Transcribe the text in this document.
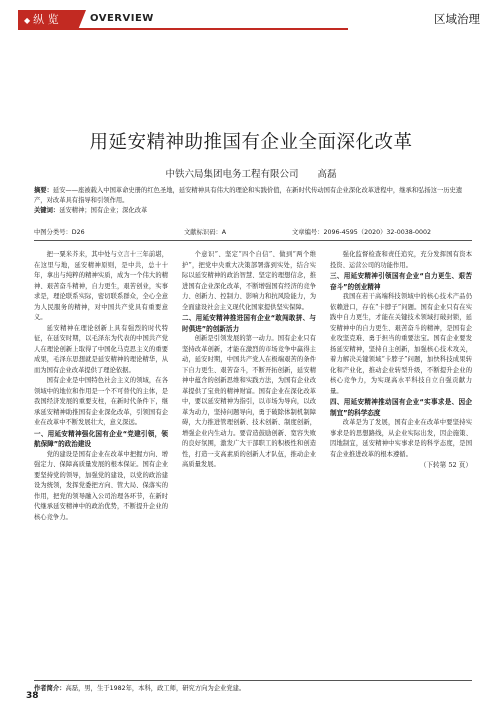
◆ 纵 览	OVERVIEW	区域治理
用延安精神助推国有企业全面深化改革
中铁六局集团电务工程有限公司 高磊
摘要：延安——座被载入中国革命史册的红色圣地，延安精神具有伟大的理论和实践价值，在新时代传动国有企业深化改革进程中，继承和弘扬这一历史遗产，对改革具有指导和引领作用。
关键词：延安精神；国有企业；深化改革
中图分类号：D26	文献标识码：A	文章编号：2096-4595（2020）32-0038-0002

把一粟米芥来，其中处与立言十三年前堪，在这里与地，延安精神原则，是中共，总十十年，拿出与纯粹的精神实质，成为一个伟大的精神、艰苦奋斗精神，自力更生，艰苦创业，实事求是，理论联系实际，密切联系群众，全心全意为人民服务的精神，对中国共产党具有重要意义。

延安精神在理论创新上具有强烈的时代特征，在延安时期，以毛泽东为代表的中国共产党人在理论创新上取得了中国化马克思主义的重要成果，毛泽东思想就是延安精神的理论精华，从而为国有企业改革提供了理论依据。

国有企业是中国特色社会主义的领域，在各领域中的地位和作用是一个不可替代的主体，是我国经济发展的重要支柱，在新时代条件下，继承延安精神助推国有企业深化改革，引领国有企业在改革中不断发展壮大，意义深远。

一、用延安精神强化国有企业“党建引领，领航保障”的政治建设

党的建设是国有企业在改革中把握方向、增强定力、保障高质量发展的根本保证。国有企业要坚持党的领导，加强党的建设，以党的政治建设为统领，发挥党委把方向、管大局、保落实的作用，把党的领导融入公司治理各环节，在新时代继承延安精神中的政治优势，不断提升企业的核心竞争力。

个意识”、坚定“四个自信”、做到“两个维护”，把党中央重大决策部署落到实处，结合实际以延安精神的政治智慧、坚定的理想信念，推进国有企业深化改革，不断增强国有经济的竞争力、创新力、控制力、影响力和抗风险能力，为全面建设社会主义现代化国家提供坚实保障。

二、用延安精神推进国有企业“敢闯敢拼、与时俱进”的创新活力

创新是引领发展的第一动力。国有企业只有坚持改革创新，才能在激烈的市场竞争中赢得主动，延安时期，中国共产党人在极端艰苦的条件下自力更生、艰苦奋斗，不断开拓创新，延安精神中蕴含的创新思维和实践方法，为国有企业改革提供了宝贵的精神财富。国有企业在深化改革中，要以延安精神为指引，以市场为导向，以改革为动力，坚持问题导向，勇于破除体制机制障碍，大力推进管理创新、技术创新、制度创新，增强企业内生动力。要营造鼓励创新、宽容失败的良好氛围，激发广大干部职工的积极性和创造性，打造一支高素质的创新人才队伍，推动企业高质量发展。

强化监督检查和责任追究，充分发挥国有资本投资、运营公司的功能作用。

三、用延安精神引领国有企业“自力更生、艰苦奋斗”的创业精神

我国在若干高端科技领域中的核心技术产品仍依赖进口，存在“卡脖子”问题。国有企业只有在实践中自力更生，才能在关键技术领域打破封锁，延安精神中的自力更生、艰苦奋斗的精神，是国有企业攻坚克难、勇于担当的重要法宝。国有企业要发扬延安精神，坚持自主创新，加强核心技术攻关，着力解决关键领域“卡脖子”问题，加快科技成果转化和产业化，推动企业转型升级，不断提升企业的核心竞争力，为实现高水平科技自立自强贡献力量。

四、用延安精神推动国有企业“实事求是、因企制宜”的科学态度

改革是为了发展，国有企业在改革中要坚持实事求是的思想路线，从企业实际出发，因企施策、因地制宜，延安精神中实事求是的科学态度，是国有企业推进改革的根本遵循。

（下转第 52 页）
作者简介：高磊，男，生于1982年，本科，政工师，研究方向为企业党建。
38
